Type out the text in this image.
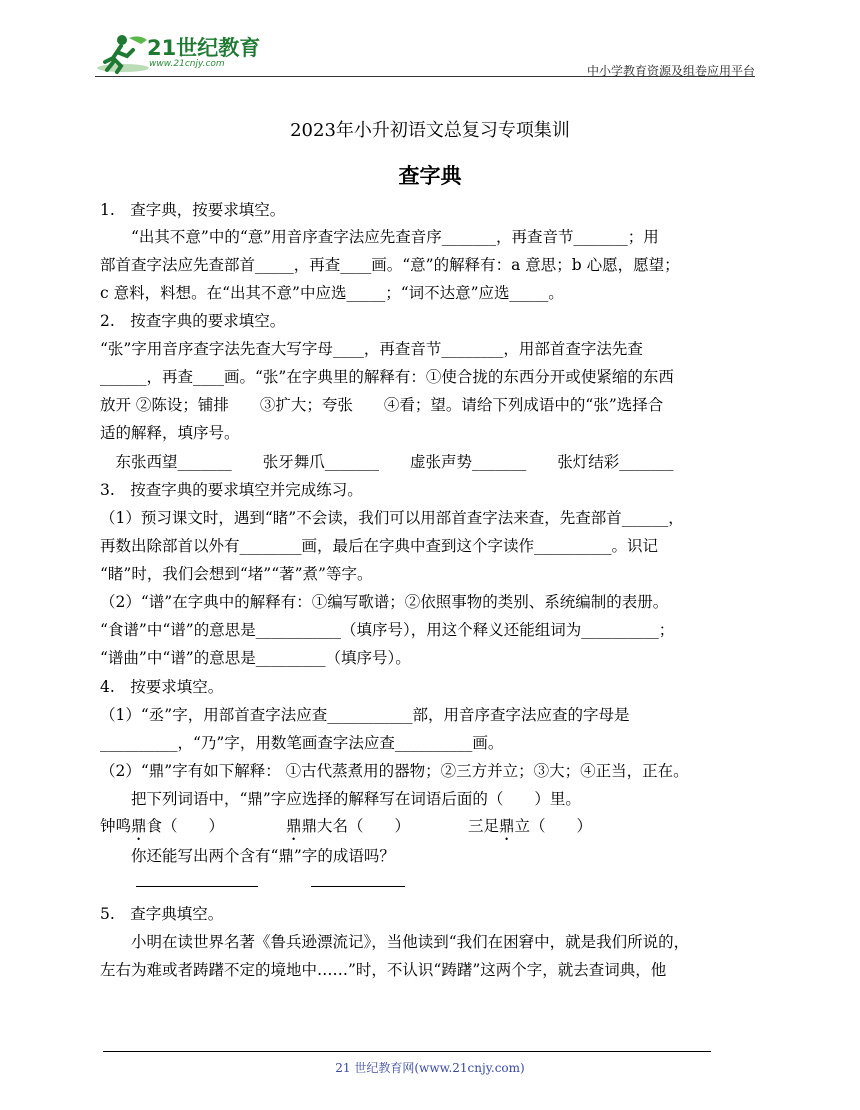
21世纪教育
www.21cnjy.com	中小学教育资源及组卷应用平台
2023年小升初语文总复习专项集训
查字典
1.　查字典，按要求填空。
　　“出其不意”中的“意”用音序查字法应先查音序_______，再查音节_______；用
部首查字法应先查部首_____，再查____画。“意”的解释有：a 意思；b 心愿，愿望；
c 意料，料想。在“出其不意”中应选_____；“词不达意”应选_____。
2.　按查字典的要求填空。
“张”字用音序查字法先查大写字母____，再查音节________，用部首查字法先查
______，再查____画。“张”在字典里的解释有：①使合拢的东西分开或使紧缩的东西
放开 ②陈设；铺排　　③扩大；夸张　　④看；望。请给下列成语中的“张”选择合
适的解释，填序号。
　东张西望_______　　张牙舞爪_______　　虚张声势_______　　张灯结彩_______
3.　按查字典的要求填空并完成练习。
（1）预习课文时，遇到“睹”不会读，我们可以用部首查字法来查，先查部首______，
再数出除部首以外有________画，最后在字典中查到这个字读作__________。识记
“睹”时，我们会想到“堵”“著”煮”等字。
（2）“谱”在字典中的解释有：①编写歌谱；②依照事物的类别、系统编制的表册。
“食谱”中“谱”的意思是___________（填序号），用这个释义还能组词为__________；
“谱曲”中“谱”的意思是_________（填序号）。
4.　按要求填空。
（1）“丞”字，用部首查字法应查___________部，用音序查字法应查的字母是
__________，“乃”字，用数笔画查字法应查__________画。
（2）“鼎”字有如下解释： ①古代蒸煮用的器物；②三方并立；③大；④正当，正在。
　　把下列词语中，“鼎”字应选择的解释写在词语后面的（　　）里。
钟鸣鼎食（　　）	鼎鼎大名（　　）	三足鼎立（　　）
　　你还能写出两个含有“鼎”字的成语吗？
5.　查字典填空。
　　小明在读世界名著《鲁兵逊漂流记》，当他读到“我们在困窘中，就是我们所说的，
左右为难或者踌躇不定的境地中……”时，不认识“踌躇”这两个字，就去查词典，他
21 世纪教育网(www.21cnjy.com)
